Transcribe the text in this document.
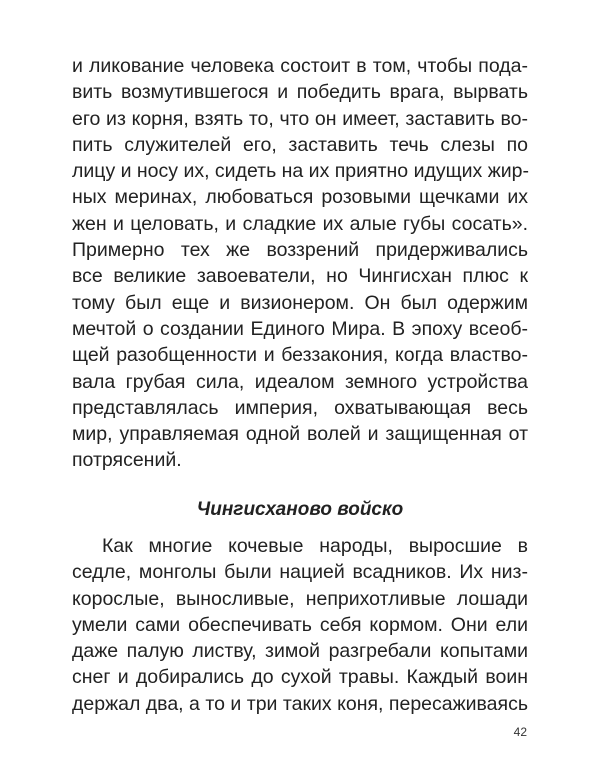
и ликование человека состоит в том, чтобы пода-
вить возмутившегося и победить врага, вырвать
его из корня, взять то, что он имеет, заставить во-
пить служителей его, заставить течь слезы по
лицу и носу их, сидеть на их приятно идущих жир-
ных меринах, любоваться розовыми щечками их
жен и целовать, и сладкие их алые губы сосать».
Примерно тех же воззрений придерживались
все великие завоеватели, но Чингисхан плюс к
тому был еще и визионером. Он был одержим
мечтой о создании Единого Мира. В эпоху всеоб-
щей разобщенности и беззакония, когда властво-
вала грубая сила, идеалом земного устройства
представлялась империя, охватывающая весь
мир, управляемая одной волей и защищенная от
потрясений.
Чингисханово войско
Как многие кочевые народы, выросшие в
седле, монголы были нацией всадников. Их низ-
корослые, выносливые, неприхотливые лошади
умели сами обеспечивать себя кормом. Они ели
даже палую листву, зимой разгребали копытами
снег и добирались до сухой травы. Каждый воин
держал два, а то и три таких коня, пересаживаясь
42
